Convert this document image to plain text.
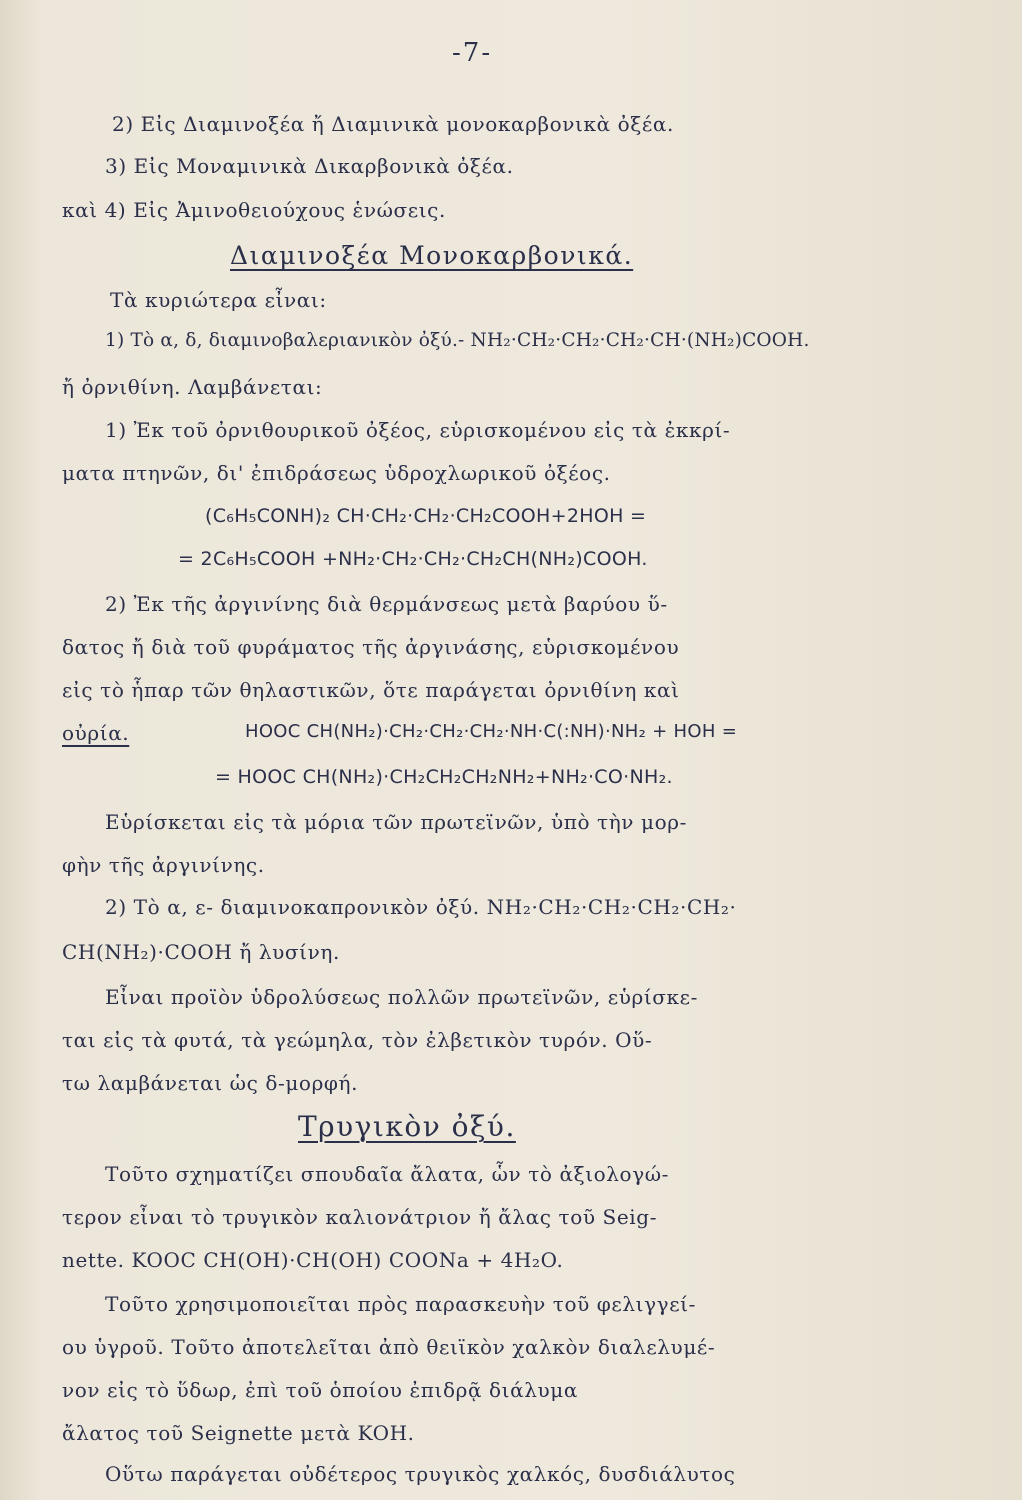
-7-
2) Εἰς Διαμινοξέα ἤ Διαμινικὰ μονοκαρβονικὰ ὀξέα.
3) Εἰς Μοναμινικὰ Δικαρβονικὰ ὀξέα.
καὶ 4) Εἰς Ἀμινοθειούχους ἑνώσεις.
Διαμινοξέα Μονοκαρβονικά.
Τὰ κυριώτερα εἶναι:
1) Τὸ α, δ, διαμινοβαλεριανικὸν ὀξύ.- NH₂·CH₂·CH₂·CH₂·CH·(NH₂)COOH.
ἤ ὀρνιθίνη. Λαμβάνεται:
1) Ἐκ τοῦ ὀρνιθουρικοῦ ὀξέος, εὑρισκομένου εἰς τὰ ἐκκρί-
ματα πτηνῶν, δι' ἐπιδράσεως ὑδροχλωρικοῦ ὀξέος.
(C₆H₅CONH)₂ CH·CH₂·CH₂·CH₂COOH+2HOH =
= 2C₆H₅COOH +NH₂·CH₂·CH₂·CH₂CH(NH₂)COOH.
2) Ἐκ τῆς ἀργινίνης διὰ θερμάνσεως μετὰ βαρύου ὕ-
δατος ἤ διὰ τοῦ φυράματος τῆς ἀργινάσης, εὑρισκομένου
εἰς τὸ ἧπαρ τῶν θηλαστικῶν, ὅτε παράγεται ὀρνιθίνη καὶ
οὐρία.	HOOC CH(NH₂)·CH₂·CH₂·CH₂·NH·C(:NH)·NH₂ + HOH =
= HOOC CH(NH₂)·CH₂CH₂CH₂NH₂+NH₂·CO·NH₂.
Εὑρίσκεται εἰς τὰ μόρια τῶν πρωτεϊνῶν, ὑπὸ τὴν μορ-
φὴν τῆς ἀργινίνης.
2) Τὸ α, ε- διαμινοκαπρονικὸν ὀξύ. NH₂·CH₂·CH₂·CH₂·CH₂·
CH(NH₂)·COOH ἤ λυσίνη.
Εἶναι προϊὸν ὑδρολύσεως πολλῶν πρωτεϊνῶν, εὑρίσκε-
ται εἰς τὰ φυτά, τὰ γεώμηλα, τὸν ἐλβετικὸν τυρόν. Οὕ-
τω λαμβάνεται ὡς δ-μορφή.
Τρυγικὸν ὀξύ.
Τοῦτο σχηματίζει σπουδαῖα ἄλατα, ὧν τὸ ἀξιολογώ-
τερον εἶναι τὸ τρυγικὸν καλιονάτριον ἤ ἄλας τοῦ Seig-
nette. KOOC CH(OH)·CH(OH) COONa + 4H₂O.
Τοῦτο χρησιμοποιεῖται πρὸς παρασκευὴν τοῦ φελιγγεί-
ου ὑγροῦ. Τοῦτο ἀποτελεῖται ἀπὸ θειϊκὸν χαλκὸν διαλελυμέ-
νον εἰς τὸ ὕδωρ, ἐπὶ τοῦ ὁποίου ἐπιδρᾷ διάλυμα
ἄλατος τοῦ Seignette μετὰ KOH.
Οὕτω παράγεται οὐδέτερος τρυγικὸς χαλκός, δυσδιάλυτος
